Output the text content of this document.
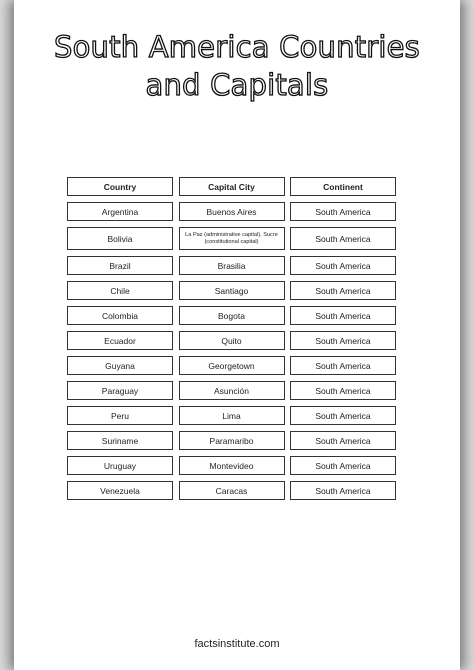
South America Countries
and Capitals
Country	Capital City	Continent
Argentina	Buenos Aires	South America
Bolivia	La Paz (administrative capital), Sucre (constitutional capital)	South America
Brazil	Brasilia	South America
Chile	Santiago	South America
Colombia	Bogota	South America
Ecuador	Quito	South America
Guyana	Georgetown	South America
Paraguay	Asunción	South America
Peru	Lima	South America
Suriname	Paramaribo	South America
Uruguay	Montevideo	South America
Venezuela	Caracas	South America
factsinstitute.com
